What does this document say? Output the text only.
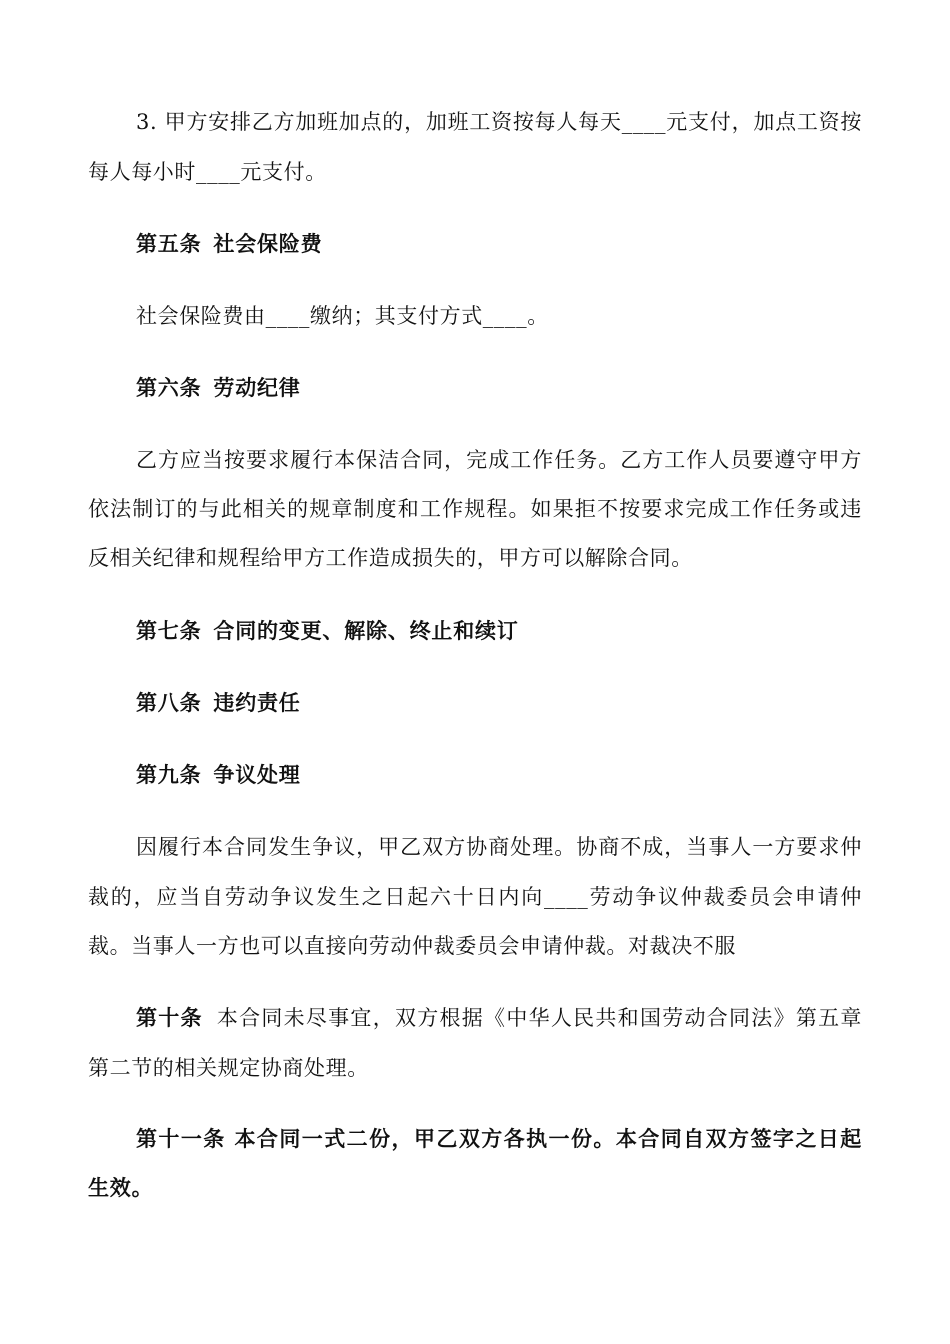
3. 甲方安排乙方加班加点的，加班工资按每人每天____元支付，加点工资按
每人每小时____元支付。
第五条 社会保险费
社会保险费由____缴纳；其支付方式____。
第六条 劳动纪律
乙方应当按要求履行本保洁合同，完成工作任务。乙方工作人员要遵守甲方
依法制订的与此相关的规章制度和工作规程。如果拒不按要求完成工作任务或违
反相关纪律和规程给甲方工作造成损失的，甲方可以解除合同。
第七条 合同的变更、解除、终止和续订
第八条 违约责任
第九条 争议处理
因履行本合同发生争议，甲乙双方协商处理。协商不成，当事人一方要求仲
裁的，应当自劳动争议发生之日起六十日内向____劳动争议仲裁委员会申请仲
裁。当事人一方也可以直接向劳动仲裁委员会申请仲裁。对裁决不服
第十条 本合同未尽事宜，双方根据《中华人民共和国劳动合同法》第五章
第二节的相关规定协商处理。
第十一条 本合同一式二份，甲乙双方各执一份。本合同自双方签字之日起
生效。
